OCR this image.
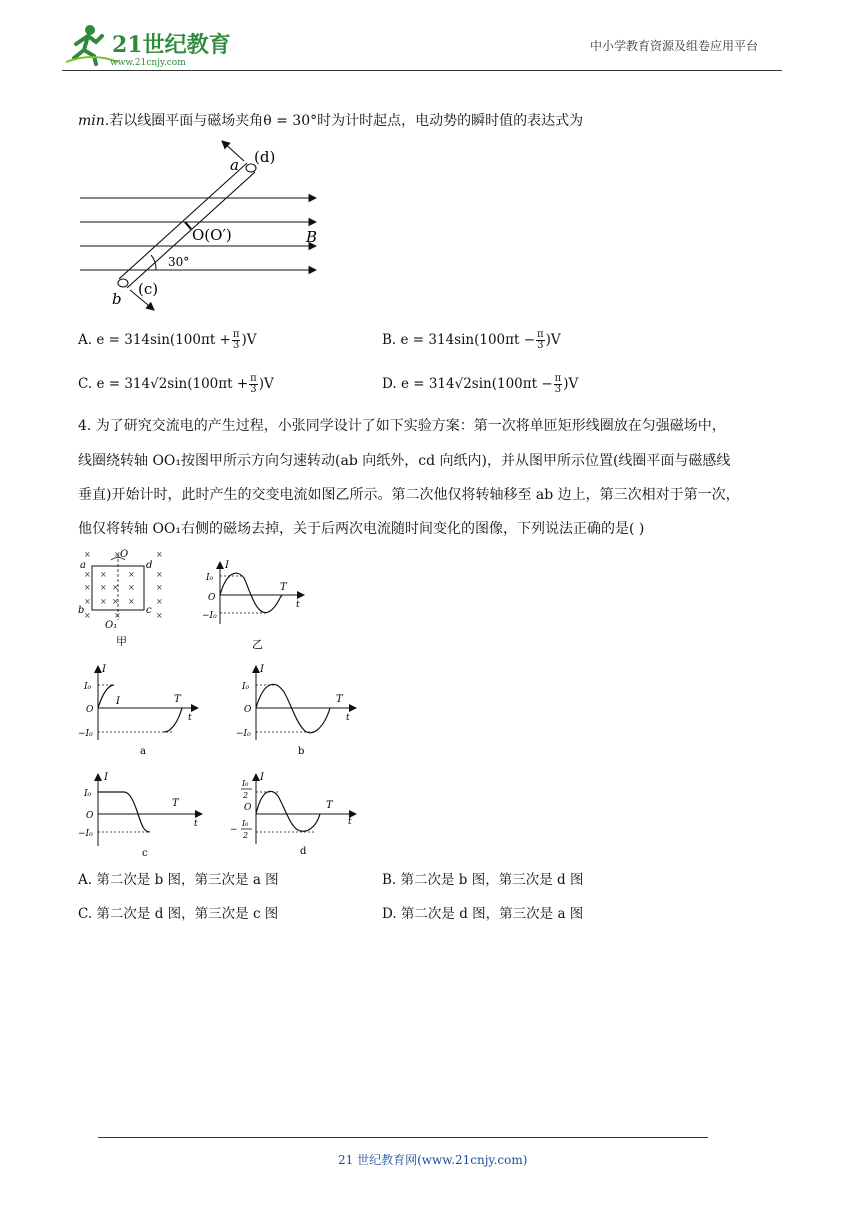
21世纪教育
www.21cnjy.com
中小学教育资源及组卷应用平台
min.若以线圈平面与磁场夹角θ = 30°时为计时起点，电动势的瞬时值的表达式为
a (d)
O(O′)	B
30°
b
(c)
A. $e = 314\sin(100\pi t + \frac{\pi}{3} )V$	B. $e = 314\sin(100\pi t - \frac{\pi}{3} )V$
C. $e = 314√2\sin(100\pi t + \frac{\pi}{3} )V$	D. $e = 314√2\sin(100\pi t - \frac{\pi}{3} )V$
4. 为了研究交流电的产生过程，小张同学设计了如下实验方案：第一次将单匝矩形线圈放在匀强磁场中，
线圈绕转轴 OO₁按图甲所示方向匀速转动(ab 向纸外，cd 向纸内)，并从图甲所示位置(线圈平面与磁感线
垂直)开始计时，此时产生的交变电流如图乙所示。第二次他仅将转轴移至 ab 边上，第三次相对于第一次，
他仅将转轴 OO₁右侧的磁场去掉，关于后两次电流随时间变化的图像，下列说法正确的是( )
×	×	×
×	×	×
×
× × ×	×
×
× × ×	×
×
×	×	×
O
a	d
b	c
O₁
甲
I
I₀
O
−I₀
T
t
乙
I
I₀
I
O
−I₀
T
t
a
I
I₀
O
−I₀
T
t
b
I
I₀
O
−I₀
T
t
c
I
I₀
2
O
−
I₀
2
T
t
d
A. 第二次是 b 图，第三次是 a 图	B. 第二次是 b 图，第三次是 d 图
C. 第二次是 d 图，第三次是 c 图	D. 第二次是 d 图，第三次是 a 图
21 世纪教育网(www.21cnjy.com)
